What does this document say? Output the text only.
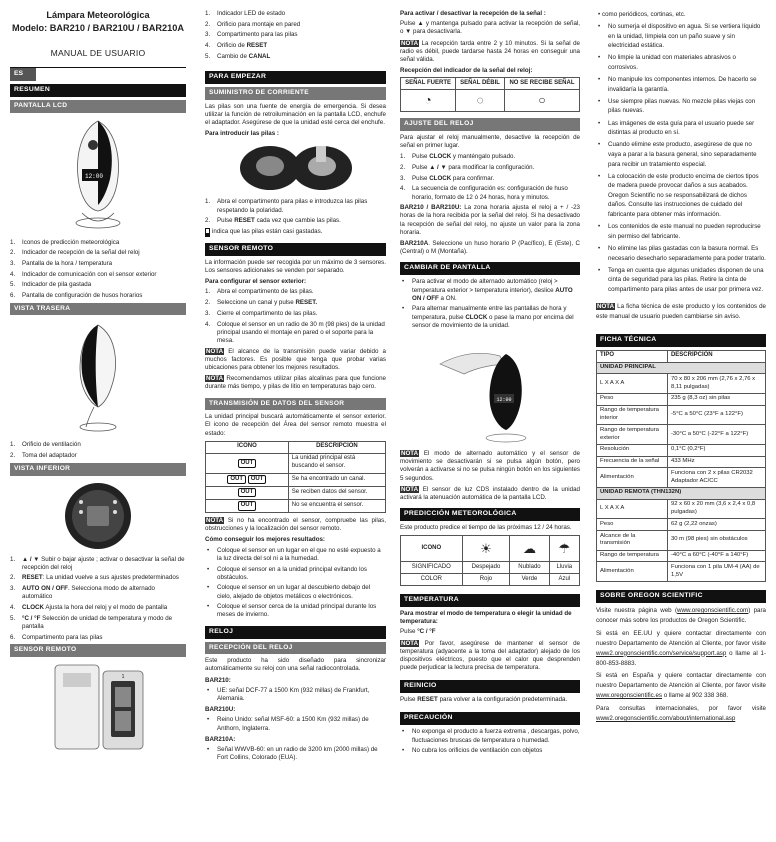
Lámpara Meteorológica
Modelo: BAR210 / BAR210U / BAR210A
MANUAL DE USUARIO
ES
RESUMEN
PANTALLA LCD
12:00
1. Iconos de predicción meteorológica
2. Indicador de recepción de la señal del reloj
3. Pantalla de la hora / temperatura
4. Indicador de comunicación con el sensor exterior
5. Indicador de pila gastada
6. Pantalla de configuración de husos horarios
VISTA TRASERA
1. Orificio de ventilación
2. Toma del adaptador
VISTA INFERIOR
1. ▲ / ▼ Subir o bajar ajuste ; activar o desactivar la señal de recepción del reloj
2. RESET: La unidad vuelve a sus ajustes predeterminados
3. AUTO ON / OFF. Selecciona modo de alternado automático
4. CLOCK Ajusta la hora del reloj y el modo de pantalla
5. °C / °F Selección de unidad de temperatura y modo de pantalla
6. Compartimento para las pilas
SENSOR REMOTO
1
1. Indicador LED de estado
2. Orificio para montaje en pared
3. Compartimento para las pilas
4. Orificio de RESET
5. Cambio de CANAL
PARA EMPEZAR
SUMINISTRO DE CORRIENTE

Las pilas son una fuente de energía de emergencia. Si desea utilizar la función de retroiluminación en la pantalla LCD, enchufe el adaptador. Asegúrese de que la unidad esté cerca del enchufe.

Para introducir las pilas :
1. Abra el compartimento para pilas e introduzca las pilas respetando la polaridad.
2. Pulse RESET cada vez que cambie las pilas.

indica que las pilas están casi gastadas.

SENSOR REMOTO

La información puede ser recogida por un máximo de 3 sensores. Los sensores adicionales se venden por separado.

Para configurar el sensor exterior:
1. Abra el compartimento de las pilas.
2. Seleccione un canal y pulse RESET.
3. Cierre el compartimento de las pilas.
4. Coloque el sensor en un radio de 30 m (98 pies) de la unidad principal usando el montaje en pared o el soporte para la mesa.

NOTA El alcance de la transmisión puede variar debido a muchos factores. Es posible que tenga que probar varias ubicaciones para obtener los mejores resultados.

NOTA Recomendamos utilizar pilas alcalinas para que funcione durante más tiempo, y pilas de litio en temperaturas bajo cero.

TRANSMISIÓN DE DATOS DEL SENSOR

La unidad principal buscará automáticamente el sensor exterior. El icono de recepción del Área del sensor remoto muestra el estado:

ICONO	DESCRIPCIÓN
OUT	La unidad principal está buscando el sensor.
OUT OUT	Se ha encontrado un canal.
OUT	Se reciben datos del sensor.
OUT	No se encuentra el sensor.

NOTA Si no ha encontrado el sensor, compruebe las pilas, obstrucciones y la localización del sensor remoto.

Cómo conseguir los mejores resultados:
• Coloque el sensor en un lugar en el que no esté expuesto a la luz directa del sol ni a la humedad.
• Coloque el sensor en a la unidad principal evitando los obstáculos.
• Coloque el sensor en un lugar al descubierto debajo del cielo, alejado de objetos metálicos o electrónicos.
• Coloque el sensor cerca de la unidad principal durante los meses de invierno.
RELOJ
RECEPCIÓN DEL RELOJ

Este producto ha sido diseñado para sincronizar automáticamente su reloj con una señal radiocontrolada.

BAR210:
• UE: señal DCF-77 a 1500 Km (932 millas) de Frankfurt, Alemania.
BAR210U:
• Reino Unido: señal MSF-60: a 1500 Km (932 millas) de Anthorn, Inglaterra.
BAR210A:
• Señal WWVB-60: en un radio de 3200 km (2000 millas) de Fort Collins, Colorado (EUA).
Para activar / desactivar la recepción de la señal :

Pulse ▲ y mantenga pulsado para activar la recepción de señal, o ▼ para desactivarla.

NOTA La recepción tarda entre 2 y 10 minutos. Si la señal de radio es débil, puede tardarse hasta 24 horas en conseguir una señal válida.

Recepción del indicador de la señal del reloj:
SEÑAL FUERTE	SEÑAL DÉBIL	NO SE RECIBE SEÑAL
◔	◌	○
AJUSTE DEL RELOJ

Para ajustar el reloj manualmente, desactive la recepción de señal en primer lugar.

1. Pulse CLOCK y manténgalo pulsado.
2. Pulse ▲ / ▼ para modificar la configuración.
3. Pulse CLOCK para confirmar.
4. La secuencia de configuración es: configuración de huso horario, formato de 12 ó 24 horas, hora y minutos.

BAR210 / BAR210U: La zona horaria ajusta el reloj a + / -23 horas de la hora recibida por la señal del reloj. Si ha desactivado la recepción de señal del reloj, no ajuste un valor para la zona horaria.

BAR210A. Seleccione un huso horario P (Pacífico), E (Este), C (Central) o M (Montaña).

CAMBIAR DE PANTALLA
• Para activar el modo de alternado automático (reloj > temperatura exterior > temperatura interior), deslice AUTO ON / OFF a ON.
• Para alternar manualmente entre las pantallas de hora y temperatura, pulse CLOCK o pase la mano por encima del sensor de movimiento de la unidad.
12:00

NOTA El modo de alternado automático y el sensor de movimiento se desactivarán si se pulsa algún botón, pero volverán a activarse si no se pulsa ningún botón en los siguientes 5 segundos.

NOTA El sensor de luz CDS instalado dentro de la unidad activará la atenuación automática de la pantalla LCD.

PREDICCIÓN METEOROLÓGICA

Este producto predice el tiempo de las próximas 12 / 24 horas.

ICONO	☀	☁	☂
SIGNIFICADO	Despejado	Nublado	Lluvia
COLOR	Rojo	Verde	Azul
TEMPERATURA
Para mostrar el modo de temperatura o elegir la unidad de temperatura:

Pulse °C / °F

NOTA Por favor, asegúrese de mantener el sensor de temperatura (adyacente a la toma del adaptador) alejado de los dispositivos eléctricos, puesto que el calor que desprenden puede perjudicar la lectura precisa de temperatura.

REINICIO

Pulse RESET para volver a la configuración predeterminada.

PRECAUCIÓN
• No exponga el producto a fuerza extrema , descargas, polvo, fluctuaciones bruscas de temperatura o humedad.
• No cubra los orificios de ventilación con objetos
• como periódicos, cortinas, etc.
• No sumerja el dispositivo en agua. Si se vertiera líquido en la unidad, límpiela con un paño suave y sin electricidad estática.
• No limpie la unidad con materiales abrasivos o corrosivos.
• No manipule los componentes internos. De hacerlo se invalidaría la garantía.
• Use siempre pilas nuevas. No mezcle pilas viejas con pilas nuevas.
• Las imágenes de esta guía para el usuario puede ser distintas al producto en sí.
• Cuando elimine este producto, asegúrese de que no vaya a parar a la basura general, sino separadamente para recibir un tratamiento especial.
• La colocación de este producto encima de ciertos tipos de madera puede provocar daños a sus acabados. Oregon Scientific no se responsabilizará de dichos daños. Consulte las instrucciones de cuidado del fabricante para obtener más información.
• Los contenidos de este manual no pueden reproducirse sin permiso del fabricante.
• No elimine las pilas gastadas con la basura normal. Es necesario desecharlo separadamente para poder tratarlo.
• Tenga en cuenta que algunas unidades disponen de una cinta de seguridad para las pilas. Retire la cinta de compartimento para pilas antes de usar por primera vez.

NOTA La ficha técnica de este producto y los contenidos de este manual de usuario pueden cambiarse sin aviso.

FICHA TÉCNICA
TIPO	DESCRIPCIÓN
UNIDAD PRINCIPAL	
L X A X A	70 x 80 x 206 mm (2,76 x 2,76 x 8,11 pulgadas)
Peso	235 g (8,3 oz) sin pilas
Rango de temperatura interior	-5°C a 50°C (23°F a 122°F)
Rango de temperatura exterior	-30°C a 50°C (-22°F a 122°F)
Resolución	0,1°C (0,2°F)
Frecuencia de la señal	433 MHz
Alimentación	Funciona con 2 x pilas CR2032 Adaptador AC/CC
UNIDAD REMOTA (THN132N)	
L X A X A	92 x 60 x 20 mm (3,6 x 2,4 x 0,8 pulgadas)
Peso	62 g (2,22 onzas)
Alcance de la transmisión	30 m (98 pies) sin obstáculos
Rango de temperatura	-40°C a 60°C (-40°F a 140°F)
Alimentación	Funciona con 1 pila UM-4 (AA) de 1,5V
SOBRE OREGON SCIENTIFIC

Visite nuestra página web (www.oregonscientific.com) para conocer más sobre los productos de Oregon Scientific.

Si está en EE.UU y quiere contactar directamente con nuestro Departamento de Atención al Cliente, por favor visite www2.oregonscientific.com/service/support.asp o llame al 1-800-853-8883.

Si está en España y quiere contactar directamente con nuestro Departamento de Atención al Cliente, por favor visite www.oregonscientific.es o llame al 902 338 368.

Para consultas internacionales, por favor visite www2.oregonscientific.com/about/international.asp
